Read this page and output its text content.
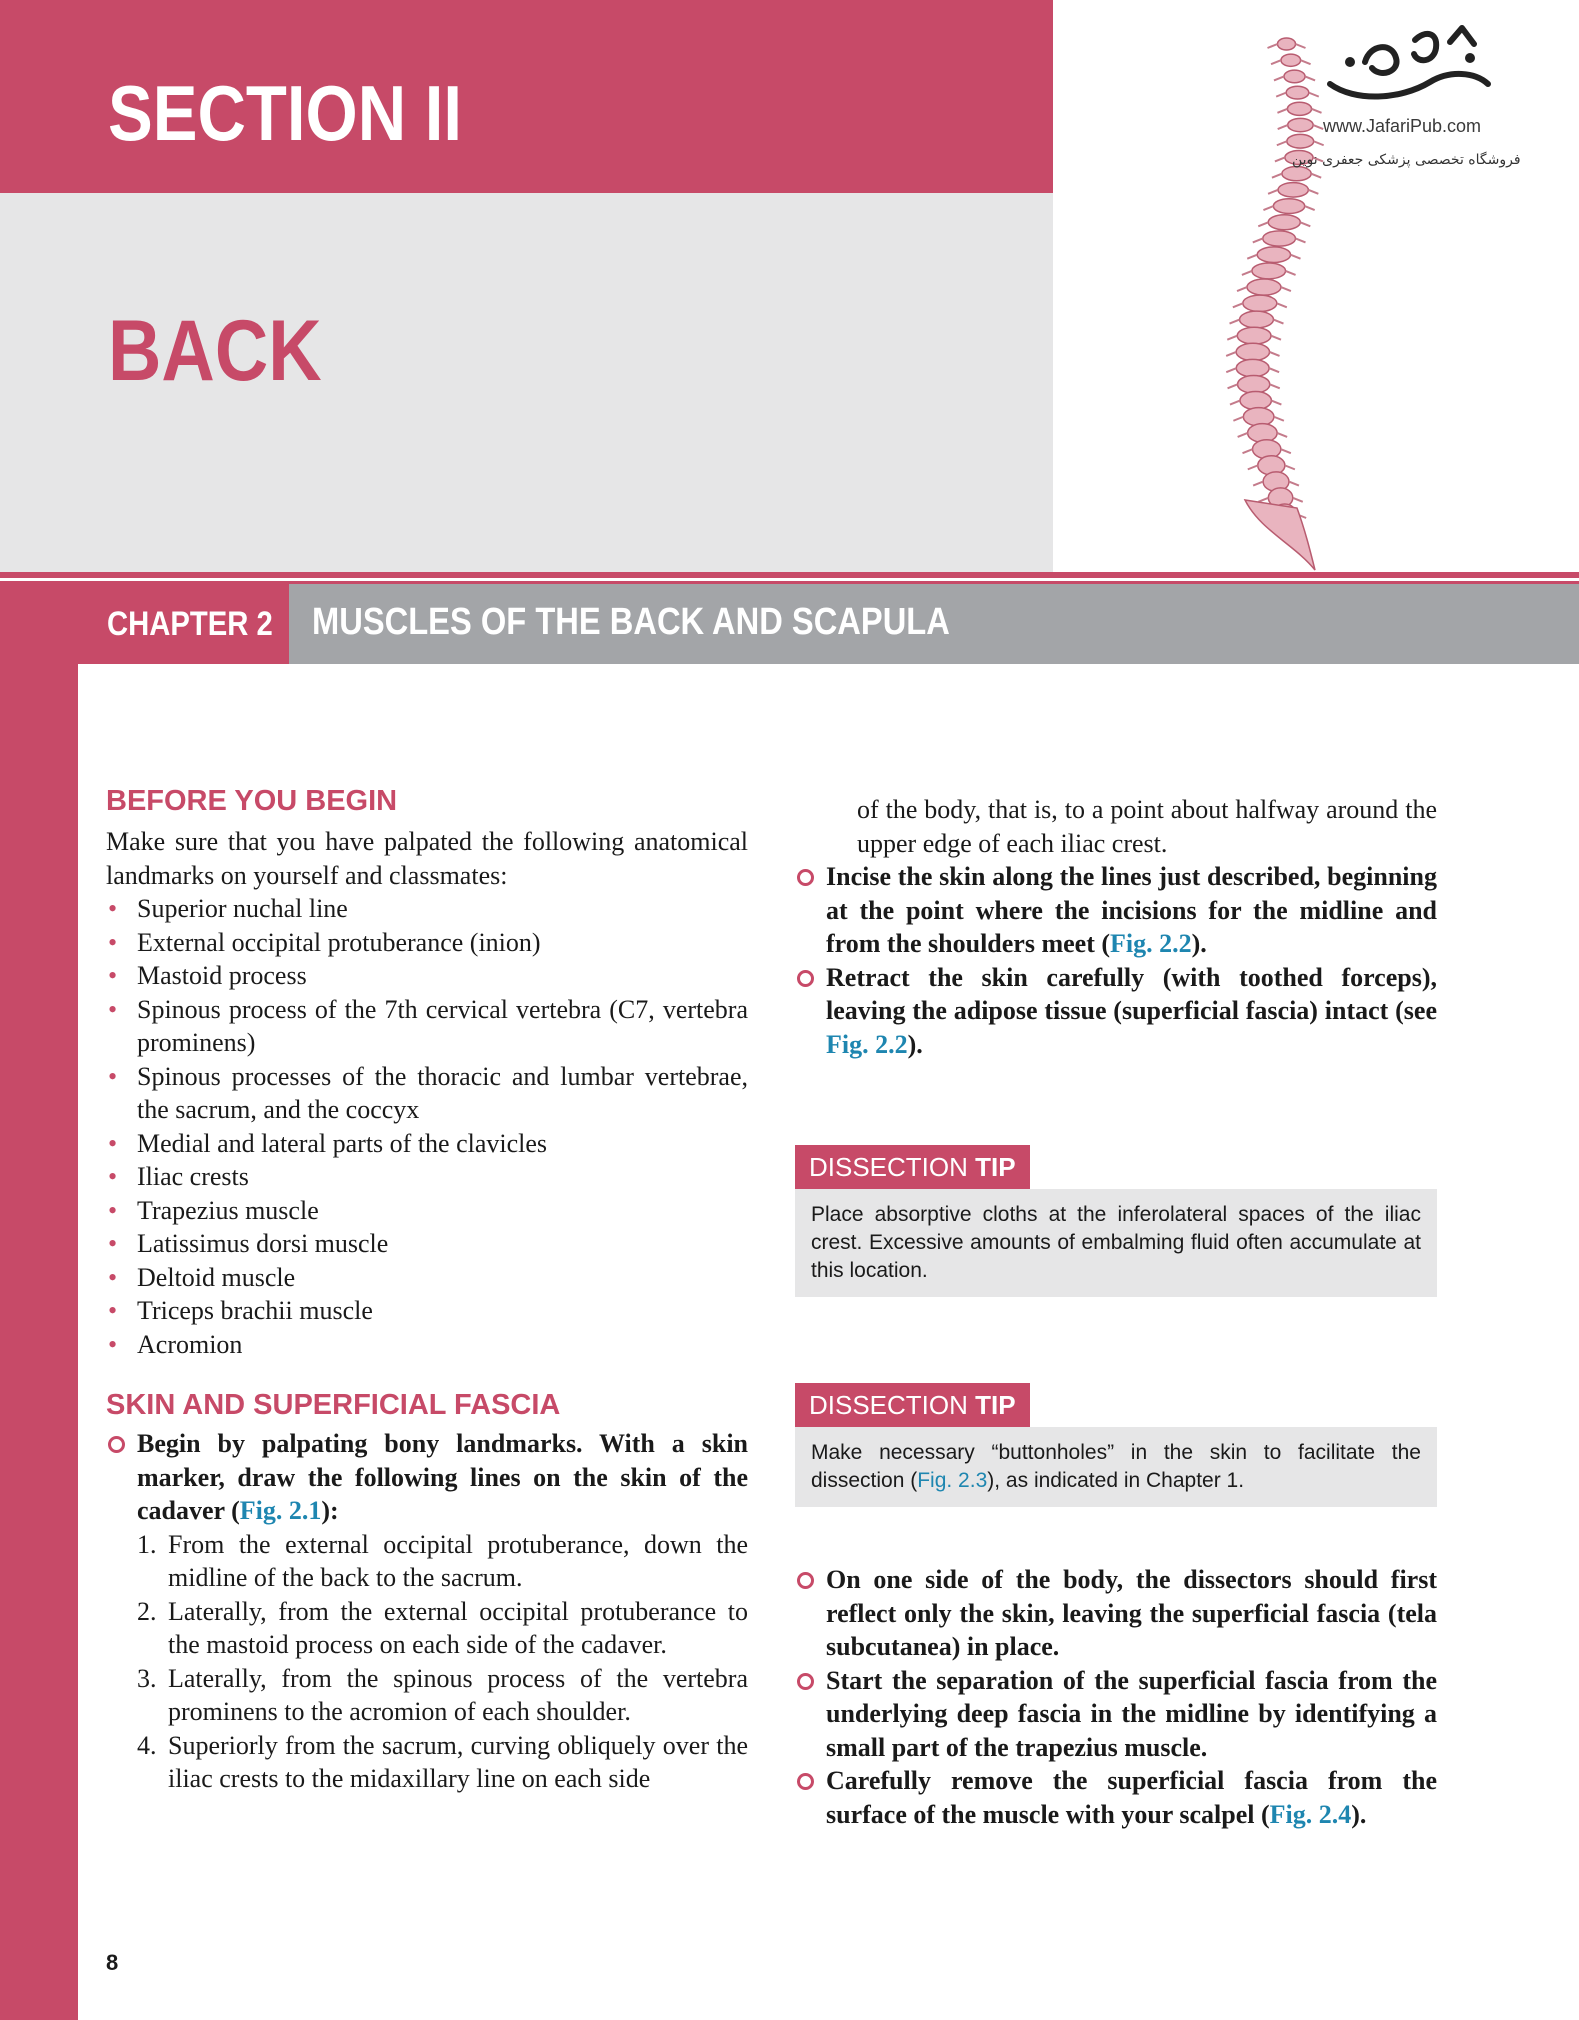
SECTION II
BACK
www.JafariPub.com
فروشگاه تخصصی پزشکی جعفری نوین
CHAPTER 2 MUSCLES OF THE BACK AND SCAPULA
BEFORE YOU BEGIN

Make sure that you have palpated the following anatomical landmarks on yourself and classmates:

• Superior nuchal line
• External occipital protuberance (inion)
• Mastoid process
• Spinous process of the 7th cervical vertebra (C7, vertebra prominens)
• Spinous processes of the thoracic and lumbar vertebrae, the sacrum, and the coccyx
• Medial and lateral parts of the clavicles
• Iliac crests
• Trapezius muscle
• Latissimus dorsi muscle
• Deltoid muscle
• Triceps brachii muscle
• Acromion
SKIN AND SUPERFICIAL FASCIA
Begin by palpating bony landmarks. With a skin marker, draw the following lines on the skin of the cadaver (Fig. 2.1):
1. From the external occipital protuberance, down the midline of the back to the sacrum.
2. Laterally, from the external occipital protuberance to the mastoid process on each side of the cadaver.
3. Laterally, from the spinous process of the vertebra prominens to the acromion of each shoulder.
4. Superiorly from the sacrum, curving obliquely over the iliac crests to the midaxillary line on each side

of the body, that is, to a point about halfway around the upper edge of each iliac crest.

Incise the skin along the lines just described, beginning at the point where the incisions for the midline and from the shoulders meet (Fig. 2.2).
Retract the skin carefully (with toothed forceps), leaving the adipose tissue (superficial fascia) intact (see Fig. 2.2).
DISSECTION TIP
Place absorptive cloths at the inferolateral spaces of the iliac crest. Excessive amounts of embalming fluid often accumulate at this location.
DISSECTION TIP
Make necessary “buttonholes” in the skin to facilitate the dissection (Fig. 2.3), as indicated in Chapter 1.
On one side of the body, the dissectors should first reflect only the skin, leaving the superficial fascia (tela subcutanea) in place.
Start the separation of the superficial fascia from the underlying deep fascia in the midline by identifying a small part of the trapezius muscle.
Carefully remove the superficial fascia from the surface of the muscle with your scalpel (Fig. 2.4).
8
